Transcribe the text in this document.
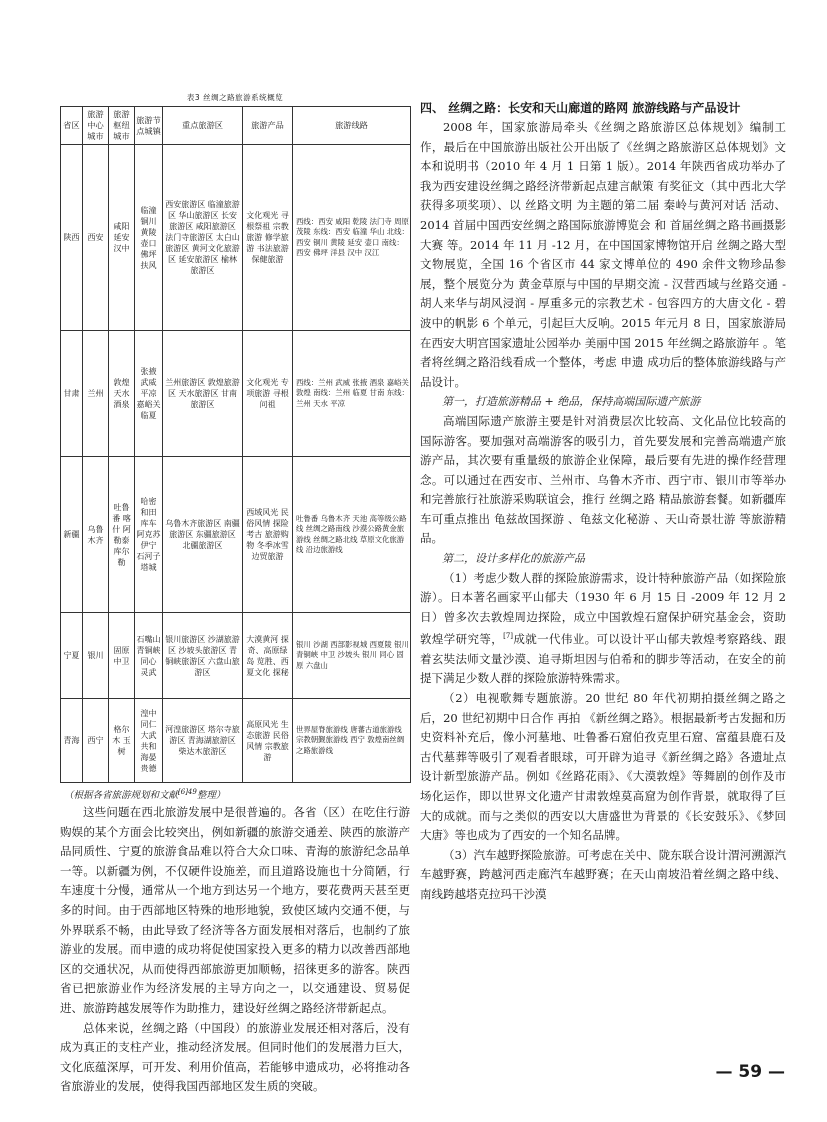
表3 丝绸之路旅游系统概览
省区	旅游中心城市	旅游枢纽城市	旅游节点城镇	重点旅游区	旅游产品	旅游线路
陕西	西安	咸阳 延安 汉中	临潼 铜川 黄陵 壶口 佛坪 扶风	西安旅游区 临潼旅游区 华山旅游区 长安旅游区 咸阳旅游区 法门寺旅游区 太白山旅游区 黄河文化旅游区 延安旅游区 榆林旅游区	文化观光 寻根祭祖 宗教旅游 修学旅游 书法旅游 保健旅游	西线：西安 咸阳 乾陵 法门寺 周原 茂陵 东线：西安 临潼 华山 北线：西安 铜川 黄陵 延安 壶口 南线：西安 佛坪 洋县 汉中 汉江
甘肃	兰州	敦煌 天水 酒泉	张掖 武威 平凉 嘉峪关 临夏	兰州旅游区 敦煌旅游区 天水旅游区 甘南旅游区	文化观光 专项旅游 寻根问祖	西线：兰州 武威 张掖 酒泉 嘉峪关 敦煌 南线：兰州 临夏 甘南 东线：兰州 天水 平凉
新疆	乌鲁木齐	吐鲁番 喀什 阿勒泰 库尔勒	哈密 和田 库车 阿克苏 伊宁 石河子 塔城	乌鲁木齐旅游区 南疆旅游区 东疆旅游区 北疆旅游区	西域风光 民俗风情 探险考古 旅游购物 冬季冰雪 边贸旅游	吐鲁番 乌鲁木齐 天池 高等级公路线 丝绸之路南线 沙漠公路黄金旅游线 丝绸之路北线 草原文化旅游线 沿边旅游线
宁夏	银川	固原 中卫	石嘴山 青铜峡 同心 灵武	银川旅游区 沙湖旅游区 沙坡头旅游区 青铜峡旅游区 六盘山旅游区	大漠黄河 探奇、高原绿岛 览胜、西夏文化 探秘	银川 沙湖 西部影视城 西夏陵 银川 青铜峡 中卫 沙坡头 银川 同心 固原 六盘山
青海	西宁	格尔木 玉树	湟中 同仁 大武 共和 海晏 贵德	河湟旅游区 塔尔寺旅游区 青海湖旅游区 柴达木旅游区	高原风光 生态旅游 民俗风情 宗教旅游	世界屋脊旅游线 唐蕃古道旅游线 宗教朝觐旅游线 西宁 敦煌南丝绸之路旅游线
（根据各省旅游规划和文献$^{[6]49}$整理）

这些问题在西北旅游发展中是很普遍的。各省（区）在吃住行游购娱的某个方面会比较突出，例如新疆的旅游交通差、陕西的旅游产品同质性、宁夏的旅游食品难以符合大众口味、青海的旅游纪念品单一等。以新疆为例，不仅硬件设施差，而且道路设施也十分简陋，行车速度十分慢，通常从一个地方到达另一个地方，要花费两天甚至更多的时间。由于西部地区特殊的地形地貌，致使区域内交通不便，与外界联系不畅，由此导致了经济等各方面发展相对落后，也制约了旅游业的发展。而申遗的成功将促使国家投入更多的精力以改善西部地区的交通状况，从而使得西部旅游更加顺畅，招徕更多的游客。陕西省已把旅游业作为经济发展的主导方向之一，以交通建设、贸易促进、旅游跨越发展等作为助推力，建设好丝绸之路经济带新起点。

总体来说，丝绸之路（中国段）的旅游业发展还相对落后，没有成为真正的支柱产业，推动经济发展。但同时他们的发展潜力巨大，文化底蕴深厚，可开发、利用价值高，若能够申遗成功，必将推动各省旅游业的发展，使得我国西部地区发生质的突破。

四、 丝绸之路：长安和天山廊道的路网 旅游线路与产品设计

2008 年，国家旅游局牵头《丝绸之路旅游区总体规划》编制工作，最后在中国旅游出版社公开出版了《丝绸之路旅游区总体规划》文本和说明书（2010 年 4 月 1 日第 1 版）。2014 年陕西省成功举办了 我为西安建设丝绸之路经济带新起点建言献策 有奖征文（其中西北大学获得多项奖项）、以 丝路文明 为主题的第二届 秦岭与黄河对话 活动、2014 首届中国西安丝绸之路国际旅游博览会 和 首届丝绸之路书画摄影大赛 等。2014 年 11 月 -12 月，在中国国家博物馆开启 丝绸之路大型文物展览，全国 16 个省区市 44 家文博单位的 490 余件文物珍品参展，整个展览分为 黄金草原与中国的早期交流 - 汉营西域与丝路交通 - 胡人来华与胡风浸润 - 厚重多元的宗教艺术 - 包容四方的大唐文化 - 碧波中的帆影 6 个单元，引起巨大反响。2015 年元月 8 日，国家旅游局在西安大明宫国家遗址公园举办 美丽中国 2015 年丝绸之路旅游年 。笔者将丝绸之路沿线看成一个整体，考虑 申遗 成功后的整体旅游线路与产品设计。

第一，打造旅游精品 + 绝品，保持高端国际遗产旅游

高端国际遗产旅游主要是针对消费层次比较高、文化品位比较高的国际游客。要加强对高端游客的吸引力，首先要发展和完善高端遗产旅游产品，其次要有重量级的旅游企业保障，最后要有先进的操作经营理念。可以通过在西安市、兰州市、乌鲁木齐市、西宁市、银川市等举办和完善旅行社旅游采购联谊会，推行 丝绸之路 精品旅游套餐。如新疆库车可重点推出 龟兹故国探游 、龟兹文化秘游 、天山奇景壮游 等旅游精品。

第二，设计多样化的旅游产品

（1）考虑少数人群的探险旅游需求，设计特种旅游产品（如探险旅游）。日本著名画家平山郁夫（1930 年 6 月 15 日 -2009 年 12 月 2 日）曾多次去敦煌周边探险，成立中国敦煌石窟保护研究基金会，资助敦煌学研究等，[7]成就一代伟业。可以设计平山郁夫敦煌考察路线、跟着玄奘法师文量沙漠、追寻斯坦因与伯希和的脚步等活动，在安全的前提下满足少数人群的探险旅游特殊需求。

（2）电视歌舞专题旅游。20 世纪 80 年代初期拍摄丝绸之路之后，20 世纪初期中日合作 再拍 《新丝绸之路》。根据最新考古发掘和历史资料补充后，像小河墓地、吐鲁番石窟伯孜克里石窟、富蕴县鹿石及古代墓葬等吸引了观看者眼球，可开辟为追寻《新丝绸之路》各遗址点设计新型旅游产品。例如《丝路花雨》、《大漠敦煌》等舞剧的创作及市场化运作，即以世界文化遗产甘肃敦煌莫高窟为创作背景，就取得了巨大的成就。而与之类似的西安以大唐盛世为背景的《长安鼓乐》、《梦回大唐》等也成为了西安的一个知名品牌。

（3）汽车越野探险旅游。可考虑在关中、陇东联合设计渭河溯源汽车越野赛，跨越河西走廊汽车越野赛；在天山南坡沿着丝绸之路中线、南线跨越塔克拉玛干沙漠

— 59 —
